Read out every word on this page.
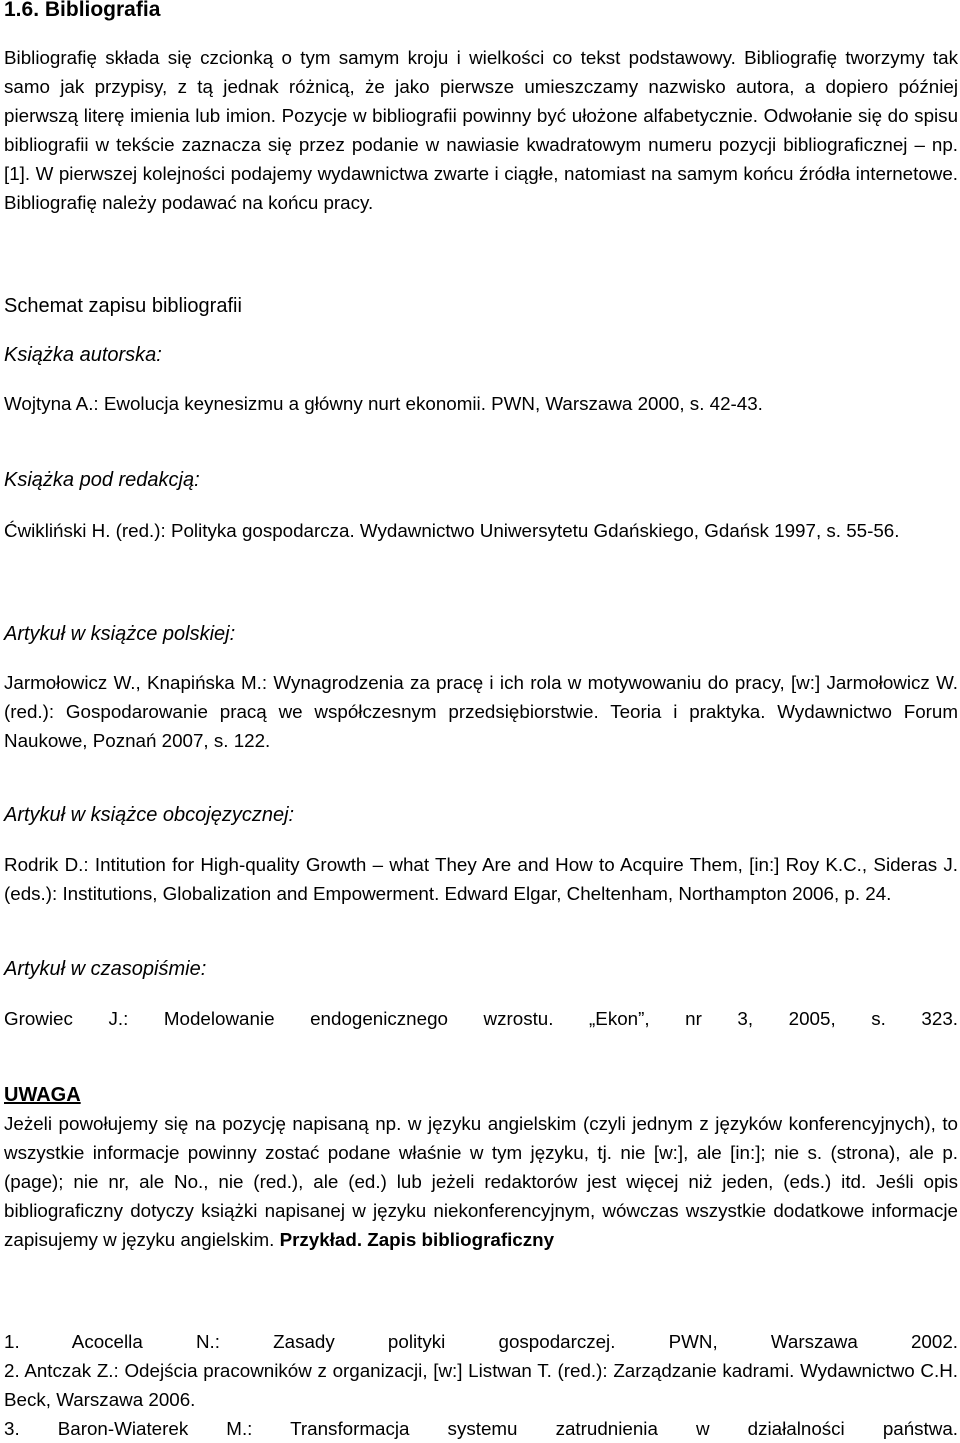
1.6. Bibliografia
Bibliografię składa się czcionką o tym samym kroju i wielkości co tekst podstawowy. Bibliografię tworzymy tak samo jak przypisy, z tą jednak różnicą, że jako pierwsze umieszczamy nazwisko autora, a dopiero później pierwszą literę imienia lub imion. Pozycje w bibliografii powinny być ułożone alfabetycznie. Odwołanie się do spisu bibliografii w tekście zaznacza się przez podanie w nawiasie kwadratowym numeru pozycji bibliograficznej – np. [1]. W pierwszej kolejności podajemy wydawnictwa zwarte i ciągłe, natomiast na samym końcu źródła internetowe. Bibliografię należy podawać na końcu pracy.
Schemat zapisu bibliografii
Książka autorska:
Wojtyna A.: Ewolucja keynesizmu a główny nurt ekonomii. PWN, Warszawa 2000, s. 42-43.
Książka pod redakcją:
Ćwikliński H. (red.): Polityka gospodarcza. Wydawnictwo Uniwersytetu Gdańskiego, Gdańsk 1997, s. 55-56.
Artykuł w książce polskiej:
Jarmołowicz W., Knapińska M.: Wynagrodzenia za pracę i ich rola w motywowaniu do pracy, [w:] Jarmołowicz W. (red.): Gospodarowanie pracą we współczesnym przedsiębiorstwie. Teoria i praktyka. Wydawnictwo Forum Naukowe, Poznań 2007, s. 122.
Artykuł w książce obcojęzycznej:
Rodrik D.: Intitution for High-quality Growth – what They Are and How to Acquire Them, [in:] Roy K.C., Sideras J. (eds.): Institutions, Globalization and Empowerment. Edward Elgar, Cheltenham, Northampton 2006, p. 24.
Artykuł w czasopiśmie:
Growiec J.: Modelowanie endogenicznego wzrostu. „Ekon”, nr 3, 2005, s. 323.
UWAGA
Jeżeli powołujemy się na pozycję napisaną np. w języku angielskim (czyli jednym z języków konferencyjnych), to wszystkie informacje powinny zostać podane właśnie w tym języku, tj. nie [w:], ale [in:]; nie s. (strona), ale p. (page); nie nr, ale No., nie (red.), ale (ed.) lub jeżeli redaktorów jest więcej niż jeden, (eds.) itd. Jeśli opis bibliograficzny dotyczy książki napisanej w języku niekonferencyjnym, wówczas wszystkie dodatkowe informacje zapisujemy w języku angielskim. Przykład. Zapis bibliograficzny
1. Acocella N.: Zasady polityki gospodarczej. PWN, Warszawa 2002.
2. Antczak Z.: Odejścia pracowników z organizacji, [w:] Listwan T. (red.): Zarządzanie kadrami. Wydawnictwo C.H. Beck, Warszawa 2006.
3. Baron-Wiaterek M.: Transformacja systemu zatrudnienia w działalności państwa.
